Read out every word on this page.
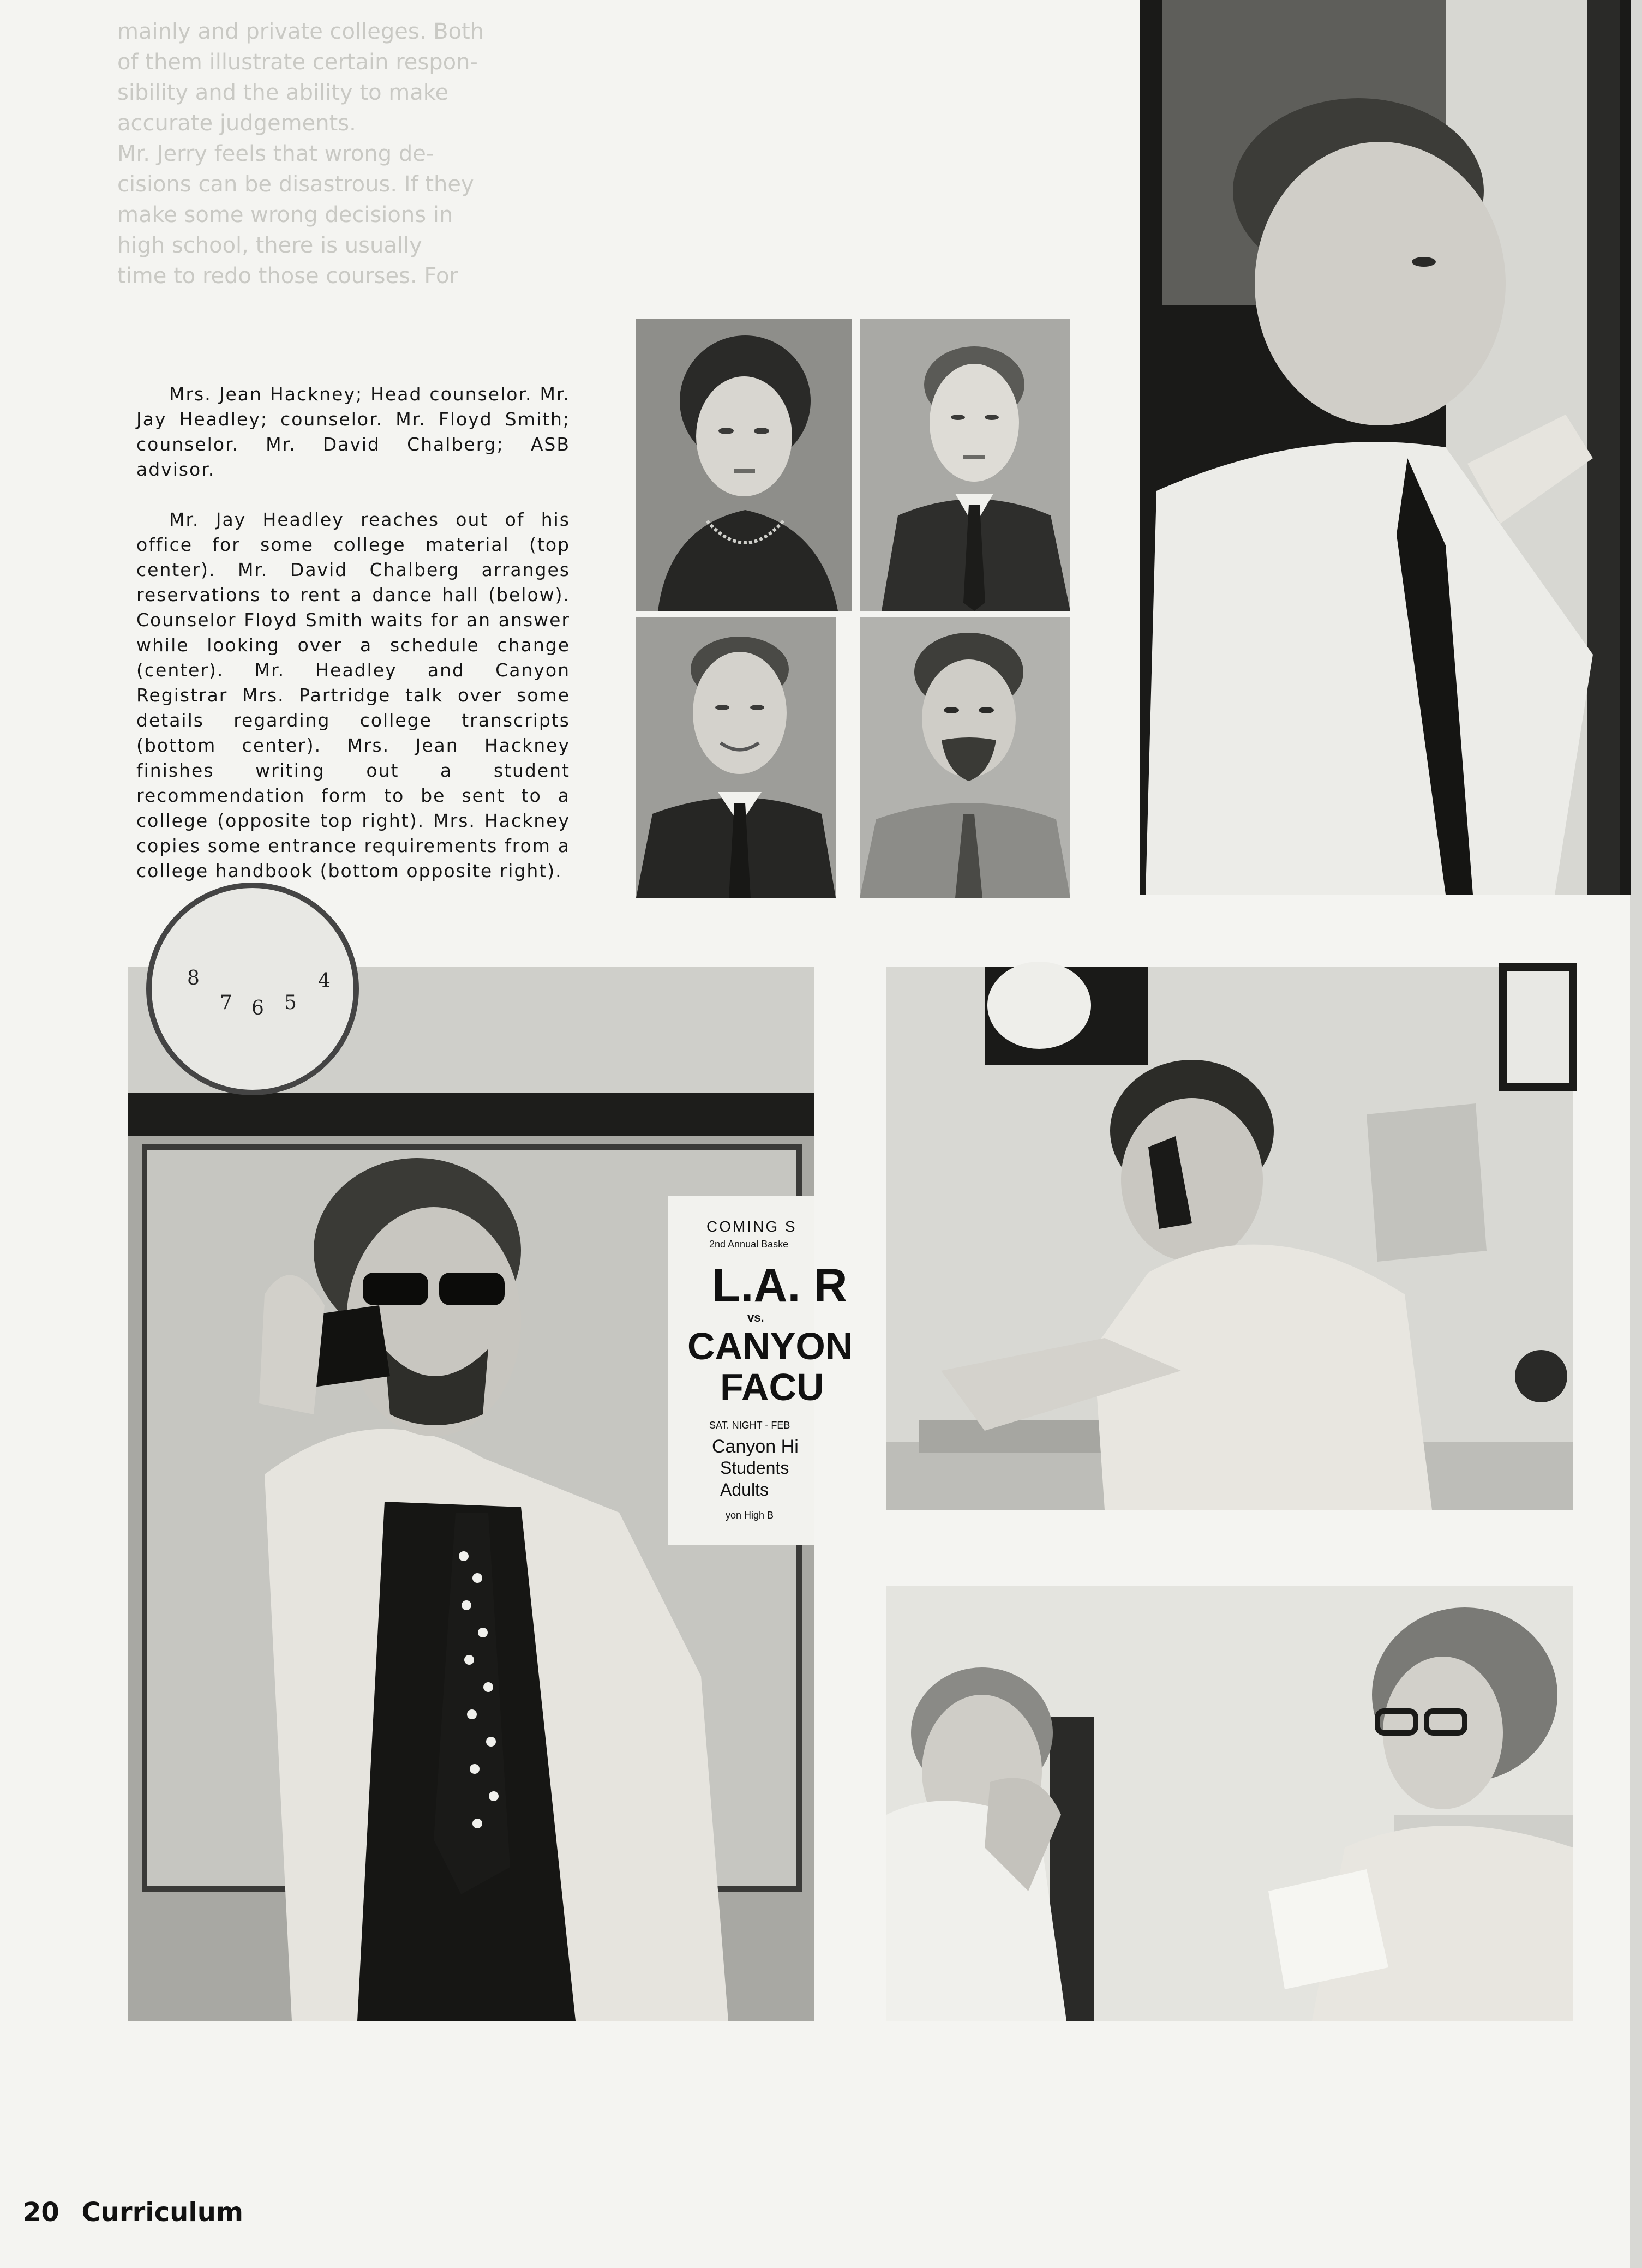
mainly and private colleges. Both

of them illustrate certain respon-

sibility and the ability to make

accurate judgements.

Mr. Jerry feels that wrong de-

cisions can be disastrous. If they

make some wrong decisions in

high school, there is usually

time to redo those courses. For

Mrs. Jean Hackney; Head counselor. Mr. Jay Headley; counselor. Mr. Floyd Smith; counselor. Mr. David Chalberg; ASB advisor.

Mr. Jay Headley reaches out of his office for some college material (top center). Mr. David Chalberg arranges reservations to rent a dance hall (below). Counselor Floyd Smith waits for an answer while looking over a schedule change (center). Mr. Headley and Canyon Registrar Mrs. Partridge talk over some details regarding college transcripts (bottom center). Mrs. Jean Hackney finishes writing out a student recommendation form to be sent to a college (opposite top right). Mrs. Hackney copies some entrance requirements from a college handbook (bottom opposite right).

8
7 6 5
4
COMING S
2nd Annual Baske
L.A. R
vs.
CANYON
FACU
SAT. NIGHT - FEB
Canyon Hi
Students
Adults
yon High B
20 Curriculum
